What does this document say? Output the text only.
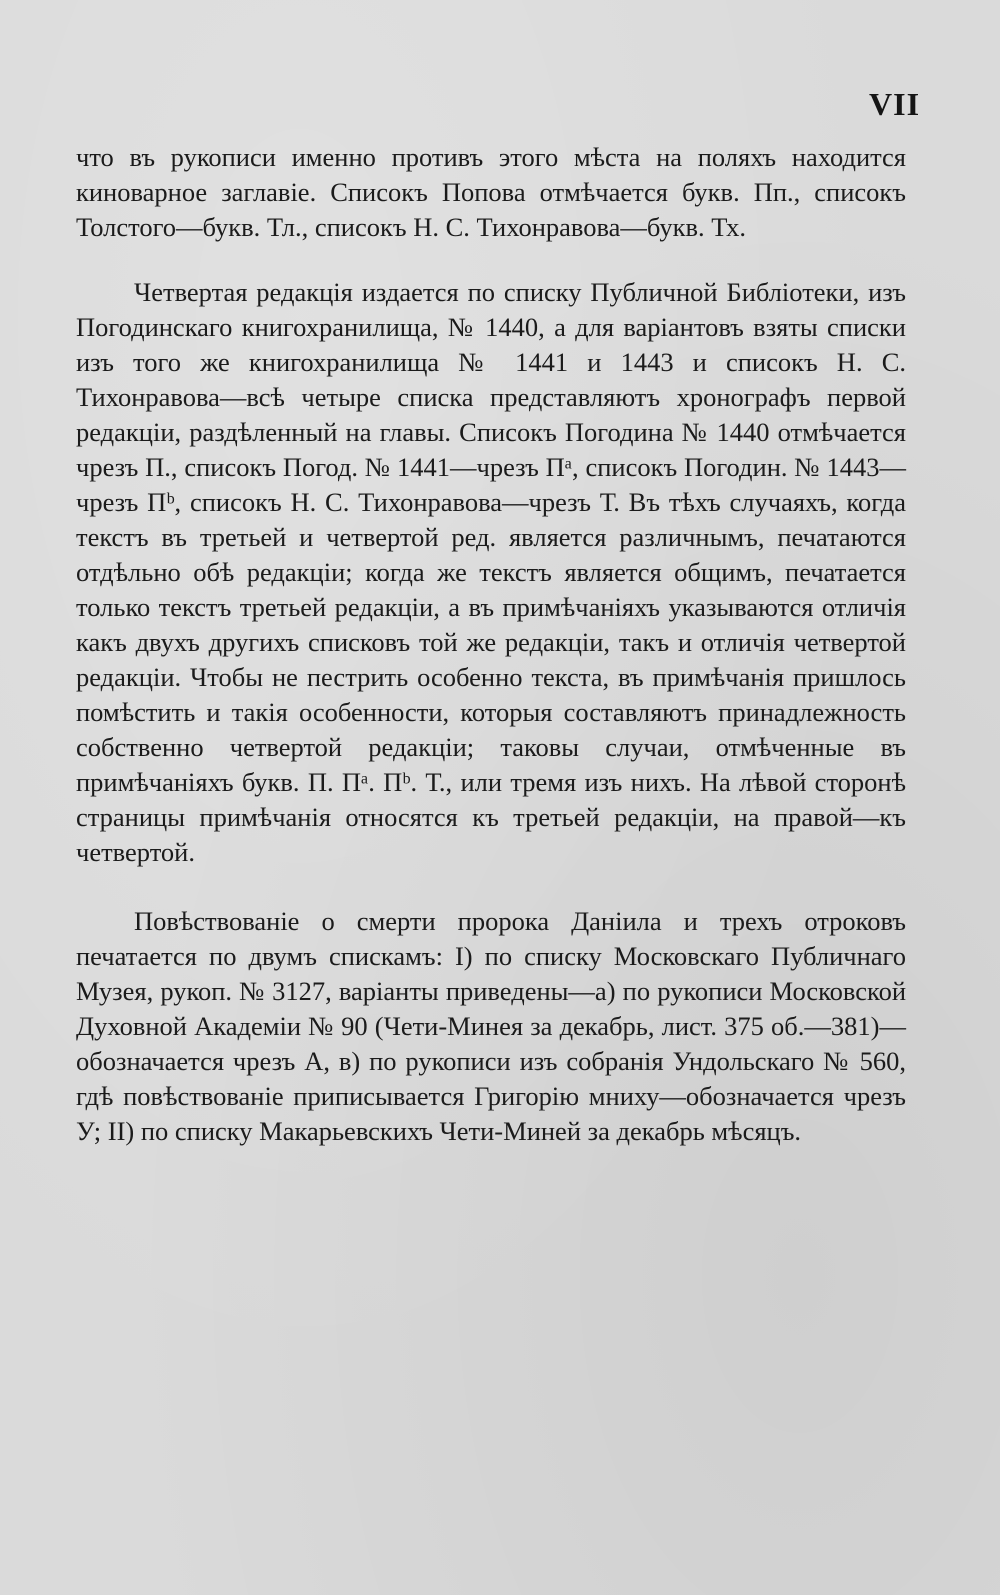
VII

что въ рукописи именно противъ этого мѣста на поляхъ находится киноварное заглавіе. Списокъ Попова отмѣчается букв. Пп., списокъ Толстого—букв. Тл., списокъ Н. С. Тихонравова—букв. Тх.

Четвертая редакція издается по списку Публичной Библіотеки, изъ Погодинскаго книгохранилища, № 1440, а для варіантовъ взяты списки изъ того же книгохранилища № 1441 и 1443 и списокъ Н. С. Тихонравова—всѣ четыре списка представляютъ хронографъ первой редакціи, раздѣленный на главы. Списокъ Погодина № 1440 отмѣчается чрезъ П., списокъ Погод. № 1441—чрезъ Пᵃ, списокъ Погодин. № 1443—чрезъ Пᵇ, списокъ Н. С. Тихонравова—чрезъ Т. Въ тѣхъ случаяхъ, когда текстъ въ третьей и четвертой ред. является различнымъ, печатаются отдѣльно обѣ редакціи; когда же текстъ является общимъ, печатается только текстъ третьей редакціи, а въ примѣчаніяхъ указываются отличія какъ двухъ другихъ списковъ той же редакціи, такъ и отличія четвертой редакціи. Чтобы не пестрить особенно текста, въ примѣчанія пришлось помѣстить и такія особенности, которыя составляютъ принадлежность собственно четвертой редакціи; таковы случаи, отмѣченные въ примѣчаніяхъ букв. П. Пᵃ. Пᵇ. Т., или тремя изъ нихъ. На лѣвой сторонѣ страницы примѣчанія относятся къ третьей редакціи, на правой—къ четвертой.

Повѣствованіе о смерти пророка Даніила и трехъ отроковъ печатается по двумъ спискамъ: I) по списку Московскаго Публичнаго Музея, рукоп. № 3127, варіанты приведены—а) по рукописи Московской Духовной Академіи № 90 (Чети-Минея за декабрь, лист. 375 об.—381)—обозначается чрезъ А, в) по рукописи изъ собранія Ундольскаго № 560, гдѣ повѣствованіе приписывается Григорію мниху—обозначается чрезъ У; II) по списку Макарьевскихъ Чети-Миней за декабрь мѣсяцъ.
